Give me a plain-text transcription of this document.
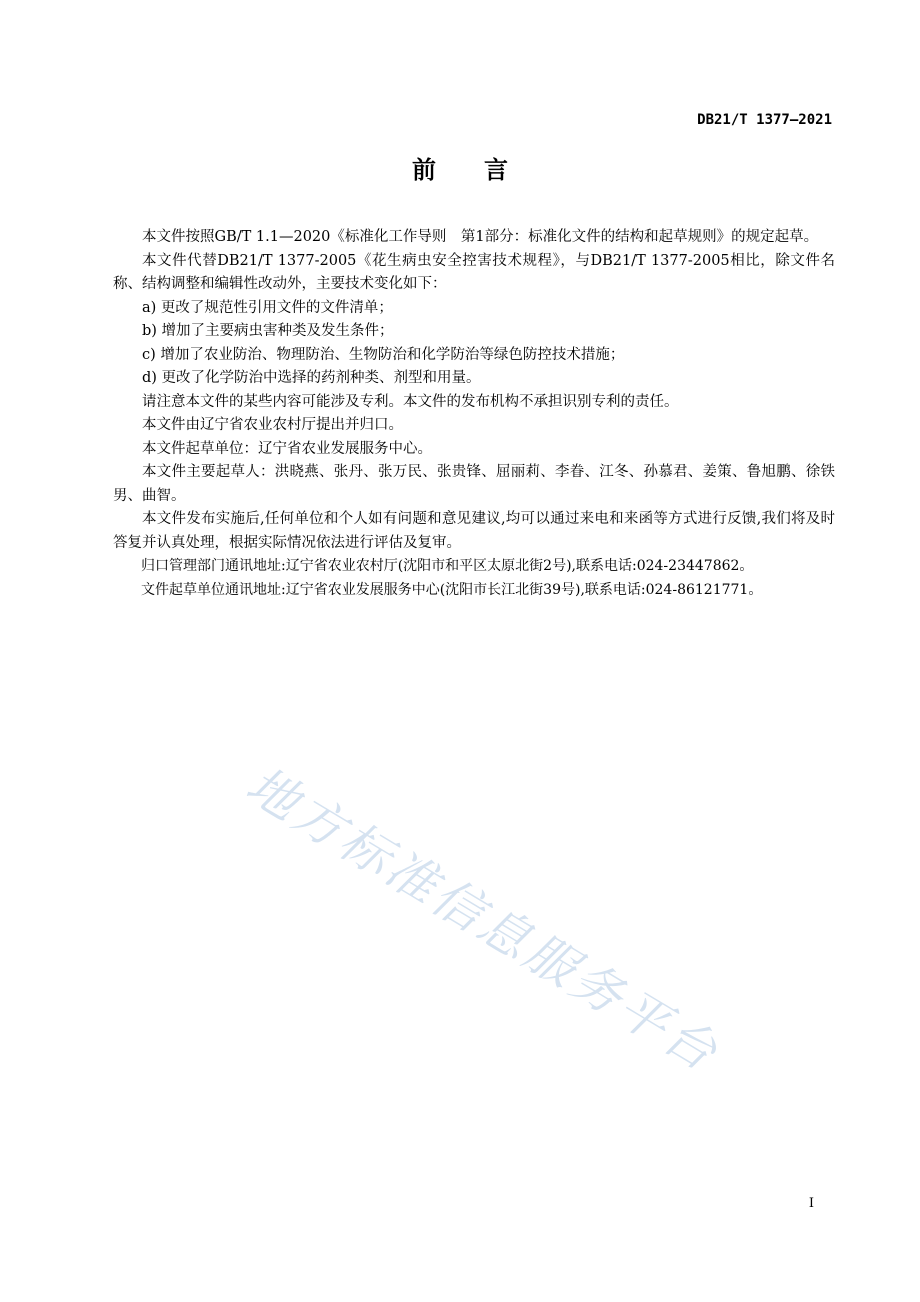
DB21/T 1377—2021
前言

本文件按照GB/T 1.1—2020《标准化工作导则　第1部分：标准化文件的结构和起草规则》的规定起草。

本文件代替DB21/T 1377-2005《花生病虫安全控害技术规程》，与DB21/T 1377-2005相比，除文件名称、结构调整和编辑性改动外，主要技术变化如下：

a) 更改了规范性引用文件的文件清单；

b) 增加了主要病虫害种类及发生条件；

c) 增加了农业防治、物理防治、生物防治和化学防治等绿色防控技术措施；

d) 更改了化学防治中选择的药剂种类、剂型和用量。

请注意本文件的某些内容可能涉及专利。本文件的发布机构不承担识别专利的责任。

本文件由辽宁省农业农村厅提出并归口。

本文件起草单位：辽宁省农业发展服务中心。

本文件主要起草人：洪晓燕、张丹、张万民、张贵锋、屈丽莉、李眷、江冬、孙慕君、姜策、鲁旭鹏、徐铁男、曲智。

本文件发布实施后,任何单位和个人如有问题和意见建议,均可以通过来电和来函等方式进行反馈,我们将及时答复并认真处理，根据实际情况依法进行评估及复审。

归口管理部门通讯地址:辽宁省农业农村厅(沈阳市和平区太原北街2号),联系电话:024-23447862。

文件起草单位通讯地址:辽宁省农业发展服务中心(沈阳市长江北街39号),联系电话:024-86121771。

地方标准信息服务平台
I
